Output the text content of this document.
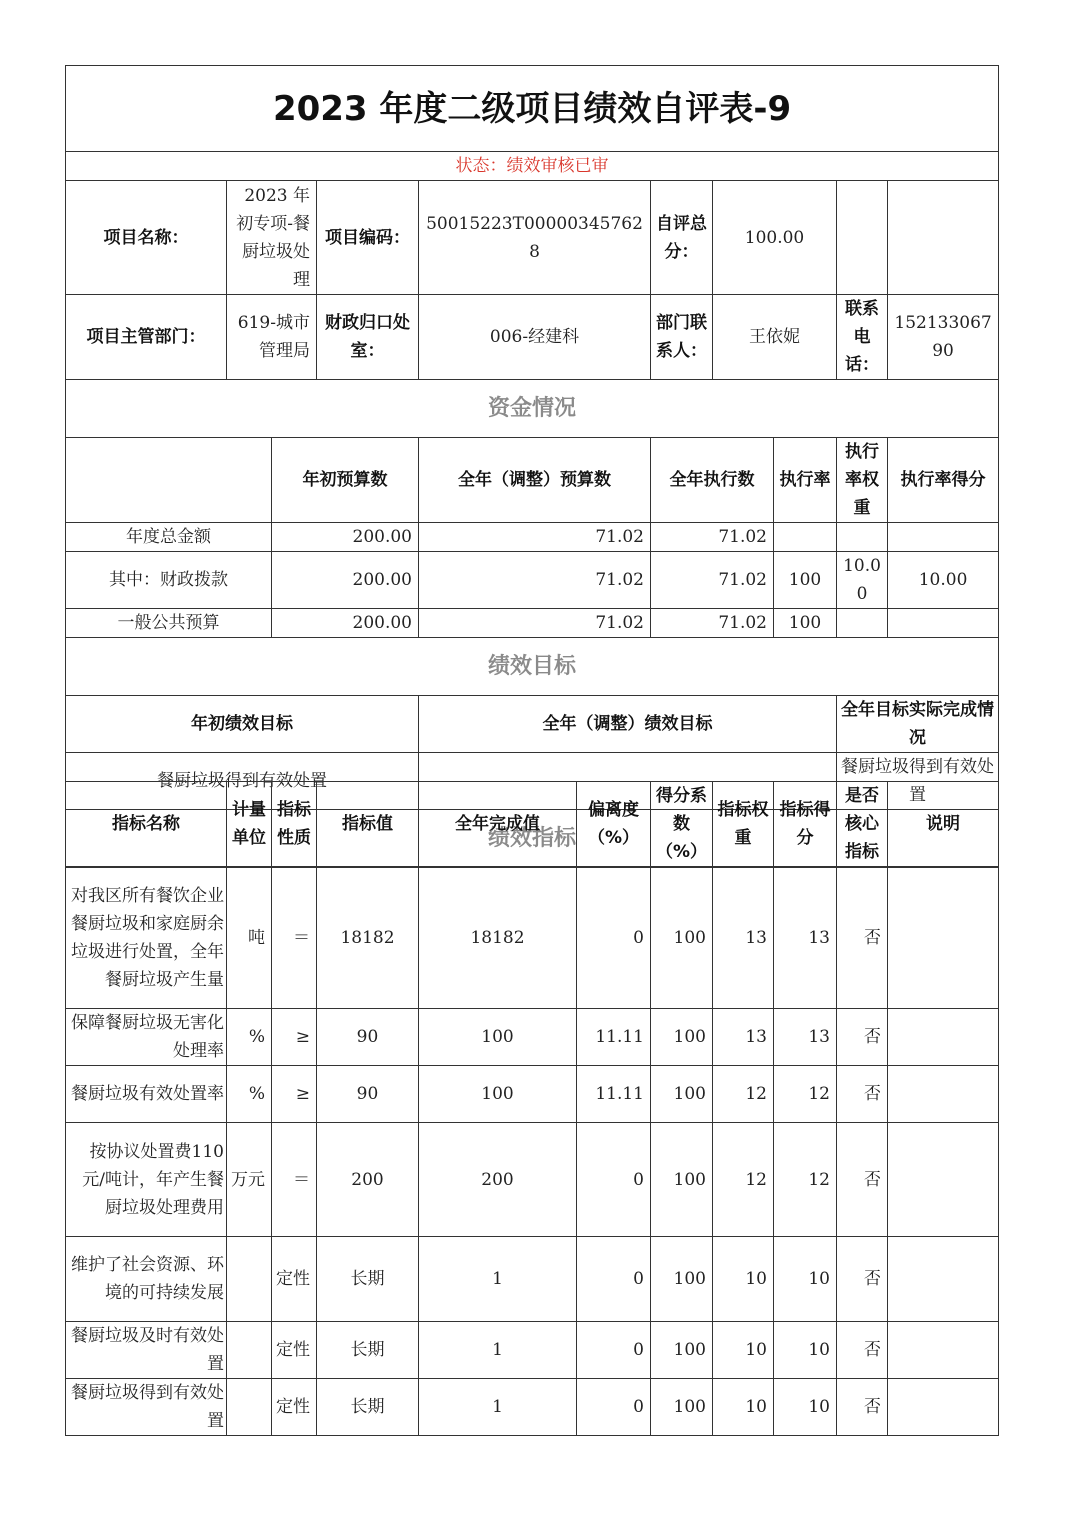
2023 年度二级项目绩效自评表-9									
状态：绩效审核已审									
项目名称：	2023 年初专项-餐厨垃圾处理		项目编码：	50015223T000003457628	自评总分：	100.00			
项目主管部门：	619-城市管理局		财政归口处室：	006-经建科	部门联系人：	王依妮		联系电话：	15213306790
资金情况									
		年初预算数		全年（调整）预算数	全年执行数		执行率	执行率权重	执行率得分
年度总金额		200.00		71.02	71.02				
其中：财政拨款		200.00		71.02	71.02		100	10.00	10.00
一般公共预算		200.00		71.02	71.02		100		
绩效目标									
年初绩效目标				全年（调整）绩效目标				全年目标实际完成情况	
餐厨垃圾得到有效处置								餐厨垃圾得到有效处置	
绩效指标									
指标名称	计量单位	指标性质	指标值	全年完成值	偏离度（%）	得分系数（%）	指标权重	指标得分	是否核心指标	说明
对我区所有餐饮企业餐厨垃圾和家庭厨余垃圾进行处置，全年餐厨垃圾产生量	吨	＝	18182	18182	0	100	13	13	否	
保障餐厨垃圾无害化处理率	%	≥	90	100	11.11	100	13	13	否	
餐厨垃圾有效处置率	%	≥	90	100	11.11	100	12	12	否	
按协议处置费110元/吨计，年产生餐厨垃圾处理费用	万元	＝	200	200	0	100	12	12	否	
维护了社会资源、环境的可持续发展		定性	长期	1	0	100	10	10	否	
餐厨垃圾及时有效处置		定性	长期	1	0	100	10	10	否	
餐厨垃圾得到有效处置		定性	长期	1	0	100	10	10	否	
